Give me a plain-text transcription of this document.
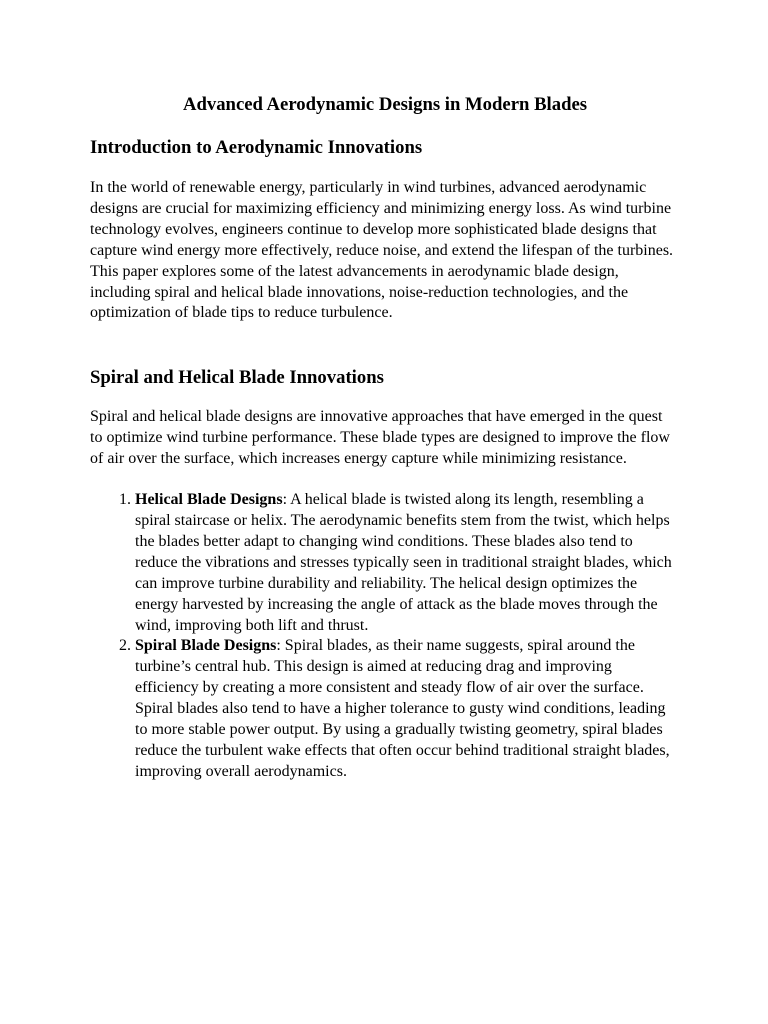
Advanced Aerodynamic Designs in Modern Blades
Introduction to Aerodynamic Innovations

In the world of renewable energy, particularly in wind turbines, advanced aerodynamic designs are crucial for maximizing efficiency and minimizing energy loss. As wind turbine technology evolves, engineers continue to develop more sophisticated blade designs that capture wind energy more effectively, reduce noise, and extend the lifespan of the turbines. This paper explores some of the latest advancements in aerodynamic blade design, including spiral and helical blade innovations, noise-reduction technologies, and the optimization of blade tips to reduce turbulence.

Spiral and Helical Blade Innovations

Spiral and helical blade designs are innovative approaches that have emerged in the quest to optimize wind turbine performance. These blade types are designed to improve the flow of air over the surface, which increases energy capture while minimizing resistance.

1. Helical Blade Designs: A helical blade is twisted along its length, resembling a spiral staircase or helix. The aerodynamic benefits stem from the twist, which helps the blades better adapt to changing wind conditions. These blades also tend to reduce the vibrations and stresses typically seen in traditional straight blades, which can improve turbine durability and reliability. The helical design optimizes the energy harvested by increasing the angle of attack as the blade moves through the wind, improving both lift and thrust.
2. Spiral Blade Designs: Spiral blades, as their name suggests, spiral around the turbine’s central hub. This design is aimed at reducing drag and improving efficiency by creating a more consistent and steady flow of air over the surface. Spiral blades also tend to have a higher tolerance to gusty wind conditions, leading to more stable power output. By using a gradually twisting geometry, spiral blades reduce the turbulent wake effects that often occur behind traditional straight blades, improving overall aerodynamics.
